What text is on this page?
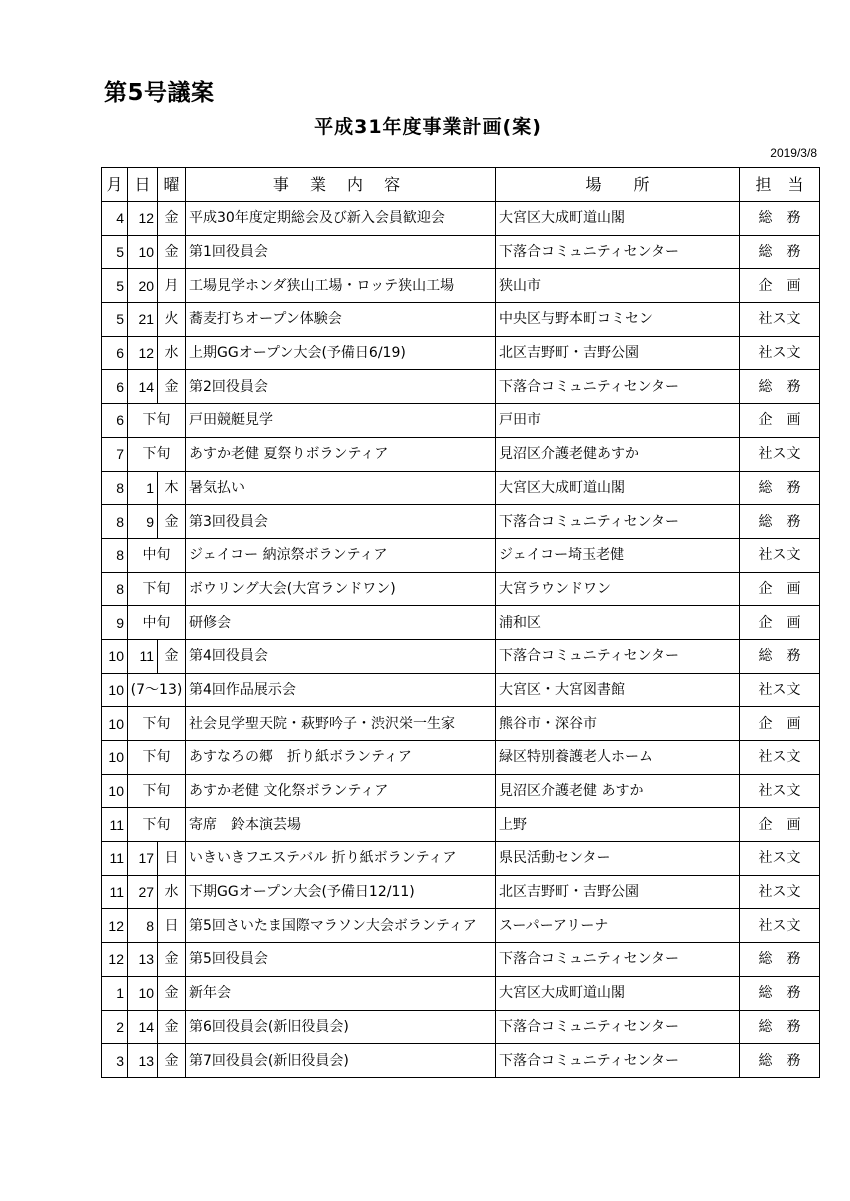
第5号議案
平成31年度事業計画(案)
2019/3/8
月	日	曜	事 業 内 容	場　　所	担　当
4	12	金	平成30年度定期総会及び新入会員歓迎会	大宮区大成町道山閣	総　務
5	10	金	第1回役員会	下落合コミュニティセンター	総　務
5	20	月	工場見学ホンダ狭山工場・ロッテ狭山工場	狭山市	企　画
5	21	火	蕎麦打ちオープン体験会	中央区与野本町コミセン	社ス文
6	12	水	上期GGオープン大会(予備日6/19)	北区吉野町・吉野公園	社ス文
6	14	金	第2回役員会	下落合コミュニティセンター	総　務
6	下旬		戸田競艇見学	戸田市	企　画
7	下旬		あすか老健 夏祭りボランティア	見沼区介護老健あすか	社ス文
8	1	木	暑気払い	大宮区大成町道山閣	総　務
8	9	金	第3回役員会	下落合コミュニティセンター	総　務
8	中旬		ジェイコー 納涼祭ボランティア	ジェイコー埼玉老健	社ス文
8	下旬		ボウリング大会(大宮ランドワン)	大宮ラウンドワン	企　画
9	中旬		研修会	浦和区	企　画
10	11	金	第4回役員会	下落合コミュニティセンター	総　務
10	(7～13)		第4回作品展示会	大宮区・大宮図書館	社ス文
10	下旬		社会見学聖天院・萩野吟子・渋沢栄一生家	熊谷市・深谷市	企　画
10	下旬		あすなろの郷　折り紙ボランティア	緑区特別養護老人ホーム	社ス文
10	下旬		あすか老健 文化祭ボランティア	見沼区介護老健 あすか	社ス文
11	下旬		寄席　鈴本演芸場	上野	企　画
11	17	日	いきいきフエステバル 折り紙ボランティア	県民活動センター	社ス文
11	27	水	下期GGオープン大会(予備日12/11)	北区吉野町・吉野公園	社ス文
12	8	日	第5回さいたま国際マラソン大会ボランティア	スーパーアリーナ	社ス文
12	13	金	第5回役員会	下落合コミュニティセンター	総　務
1	10	金	新年会	大宮区大成町道山閣	総　務
2	14	金	第6回役員会(新旧役員会)	下落合コミュニティセンター	総　務
3	13	金	第7回役員会(新旧役員会)	下落合コミュニティセンター	総　務
